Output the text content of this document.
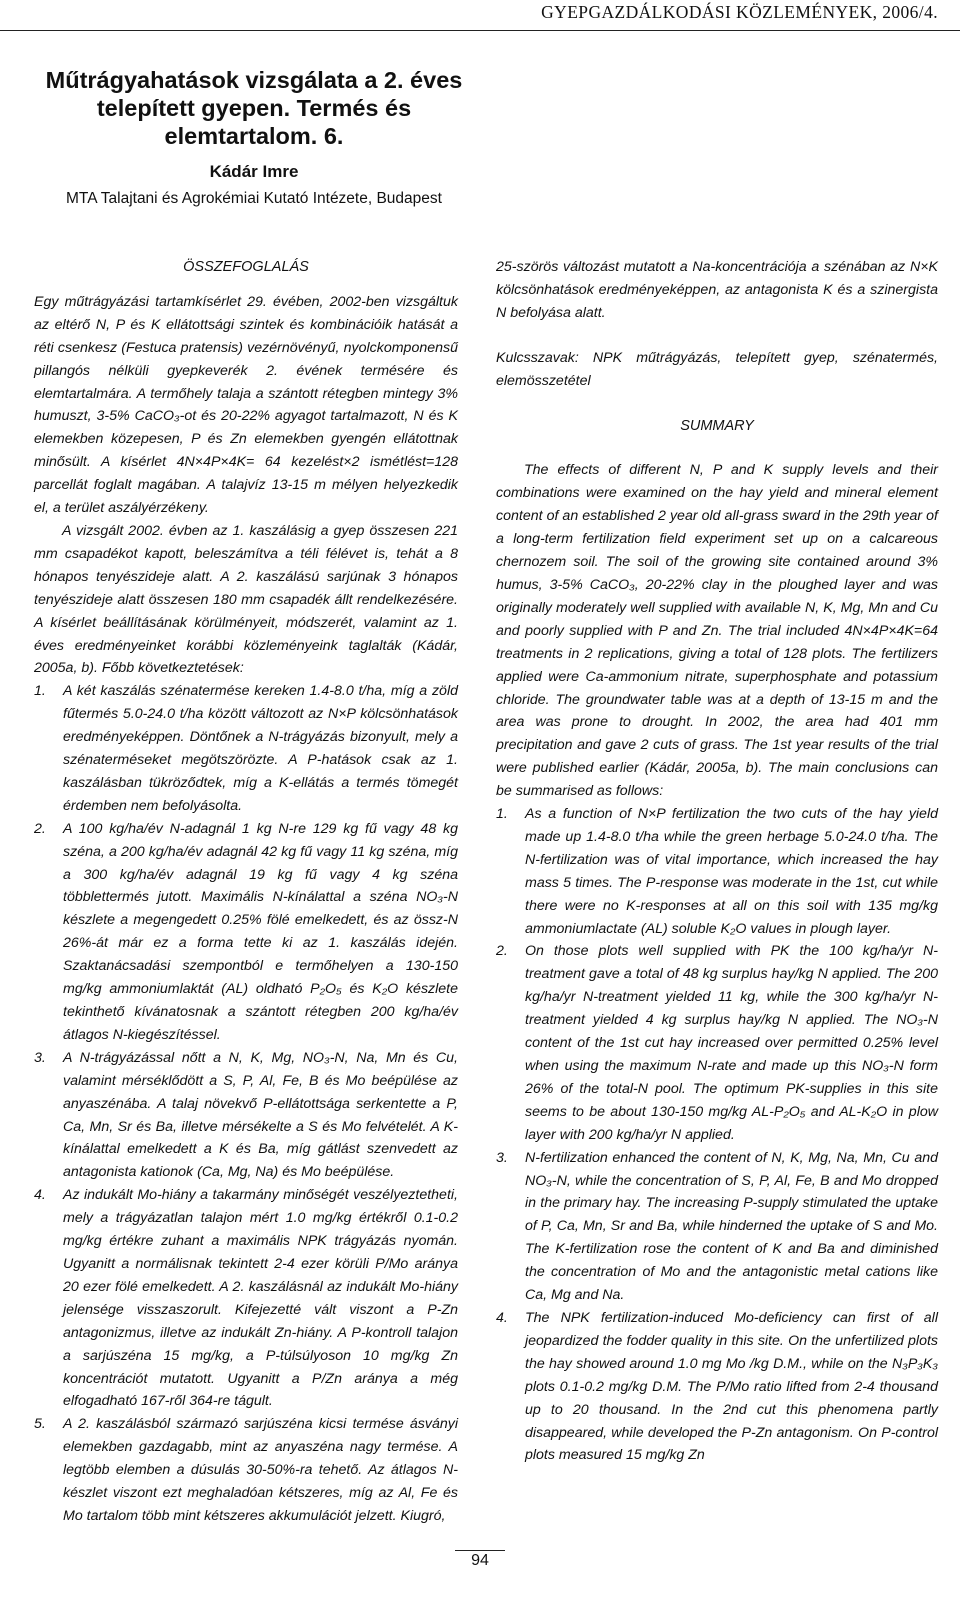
GYEPGAZDÁLKODÁSI KÖZLEMÉNYEK, 2006/4.
Műtrágyahatások vizsgálata a 2. éves telepített gyepen. Termés és elemtartalom. 6.
Kádár Imre
MTA Talajtani és Agrokémiai Kutató Intézete, Budapest

ÖSSZEFOGLALÁS

Egy műtrágyázási tartamkísérlet 29. évében, 2002-ben vizsgáltuk az eltérő N, P és K ellátottsági szintek és kombinációik hatását a réti csenkesz (Festuca pratensis) vezérnövényű, nyolckomponensű pillangós nélküli gyepkeverék 2. évének termésére és elemtartalmára. A termőhely talaja a szántott rétegben mintegy 3% humuszt, 3-5% CaCO₃-ot és 20-22% agyagot tartalmazott, N és K elemekben közepesen, P és Zn elemekben gyengén ellátottnak minősült. A kísérlet 4N×4P×4K= 64 kezelést×2 ismétlést=128 parcellát foglalt magában. A talajvíz 13-15 m mélyen helyezkedik el, a terület aszályérzékeny.

A vizsgált 2002. évben az 1. kaszálásig a gyep összesen 221 mm csapadékot kapott, beleszámítva a téli félévet is, tehát a 8 hónapos tenyészideje alatt. A 2. kaszálású sarjúnak 3 hónapos tenyészideje alatt összesen 180 mm csapadék állt rendelkezésére. A kísérlet beállításának körülményeit, módszerét, valamint az 1. éves eredményeinket korábbi közleményeink taglalták (Kádár, 2005a, b). Főbb következtetések:

1. A két kaszálás szénatermése kereken 1.4-8.0 t/ha, míg a zöld fűtermés 5.0-24.0 t/ha között változott az N×P kölcsönhatások eredményeképpen. Döntőnek a N-trágyázás bizonyult, mely a szénaterméseket megötszörözte. A P-hatások csak az 1. kaszálásban tükröződtek, míg a K-ellátás a termés tömegét érdemben nem befolyásolta.
2. A 100 kg/ha/év N-adagnál 1 kg N-re 129 kg fű vagy 48 kg széna, a 200 kg/ha/év adagnál 42 kg fű vagy 11 kg széna, míg a 300 kg/ha/év adagnál 19 kg fű vagy 4 kg széna többlettermés jutott. Maximális N-kínálattal a széna NO₃-N készlete a megengedett 0.25% fölé emelkedett, és az össz-N 26%-át már ez a forma tette ki az 1. kaszálás idején. Szaktanácsadási szempontból e termőhelyen a 130-150 mg/kg ammoniumlaktát (AL) oldható P₂O₅ és K₂O készlete tekinthető kívánatosnak a szántott rétegben 200 kg/ha/év átlagos N-kiegészítéssel.
3. A N-trágyázással nőtt a N, K, Mg, NO₃-N, Na, Mn és Cu, valamint mérséklődött a S, P, Al, Fe, B és Mo beépülése az anyaszénába. A talaj növekvő P-ellátottsága serkentette a P, Ca, Mn, Sr és Ba, illetve mérsékelte a S és Mo felvételét. A K-kínálattal emelkedett a K és Ba, míg gátlást szenvedett az antagonista kationok (Ca, Mg, Na) és Mo beépülése.
4. Az indukált Mo-hiány a takarmány minőségét veszélyeztetheti, mely a trágyázatlan talajon mért 1.0 mg/kg értékről 0.1-0.2 mg/kg értékre zuhant a maximális NPK trágyázás nyomán. Ugyanitt a normálisnak tekintett 2-4 ezer körüli P/Mo aránya 20 ezer fölé emelkedett. A 2. kaszálásnál az indukált Mo-hiány jelensége visszaszorult. Kifejezetté vált viszont a P-Zn antagonizmus, illetve az indukált Zn-hiány. A P-kontroll talajon a sarjúszéna 15 mg/kg, a P-túlsúlyoson 10 mg/kg Zn koncentrációt mutatott. Ugyanitt a P/Zn aránya a még elfogadható 167-ről 364-re tágult.
5. A 2. kaszálásból származó sarjúszéna kicsi termése ásványi elemekben gazdagabb, mint az anyaszéna nagy termése. A legtöbb elemben a dúsulás 30-50%-ra tehető. Az átlagos N-készlet viszont ezt meghaladóan kétszeres, míg az Al, Fe és Mo tartalom több mint kétszeres akkumulációt jelzett. Kiugró,

25-szörös változást mutatott a Na-koncentrációja a szénában az N×K kölcsönhatások eredményeképpen, az antagonista K és a szinergista N befolyása alatt.

Kulcsszavak: NPK műtrágyázás, telepített gyep, szénatermés, elemösszetétel

SUMMARY

The effects of different N, P and K supply levels and their combinations were examined on the hay yield and mineral element content of an established 2 year old all-grass sward in the 29th year of a long-term fertilization field experiment set up on a calcareous chernozem soil. The soil of the growing site contained around 3% humus, 3-5% CaCO₃, 20-22% clay in the ploughed layer and was originally moderately well supplied with available N, K, Mg, Mn and Cu and poorly supplied with P and Zn. The trial included 4N×4P×4K=64 treatments in 2 replications, giving a total of 128 plots. The fertilizers applied were Ca-ammonium nitrate, superphosphate and potassium chloride. The groundwater table was at a depth of 13-15 m and the area was prone to drought. In 2002, the area had 401 mm precipitation and gave 2 cuts of grass. The 1st year results of the trial were published earlier (Kádár, 2005a, b). The main conclusions can be summarised as follows:

1. As a function of N×P fertilization the two cuts of the hay yield made up 1.4-8.0 t/ha while the green herbage 5.0-24.0 t/ha. The N-fertilization was of vital importance, which increased the hay mass 5 times. The P-response was moderate in the 1st, cut while there were no K-responses at all on this soil with 135 mg/kg ammoniumlactate (AL) soluble K₂O values in plough layer.
2. On those plots well supplied with PK the 100 kg/ha/yr N-treatment gave a total of 48 kg surplus hay/kg N applied. The 200 kg/ha/yr N-treatment yielded 11 kg, while the 300 kg/ha/yr N-treatment yielded 4 kg surplus hay/kg N applied. The NO₃-N content of the 1st cut hay increased over permitted 0.25% level when using the maximum N-rate and made up this NO₃-N form 26% of the total-N pool. The optimum PK-supplies in this site seems to be about 130-150 mg/kg AL-P₂O₅ and AL-K₂O in plow layer with 200 kg/ha/yr N applied.
3. N-fertilization enhanced the content of N, K, Mg, Na, Mn, Cu and NO₃-N, while the concentration of S, P, Al, Fe, B and Mo dropped in the primary hay. The increasing P-supply stimulated the uptake of P, Ca, Mn, Sr and Ba, while hinderned the uptake of S and Mo. The K-fertilization rose the content of K and Ba and diminished the concentration of Mo and the antagonistic metal cations like Ca, Mg and Na.
4. The NPK fertilization-induced Mo-deficiency can first of all jeopardized the fodder quality in this site. On the unfertilized plots the hay showed around 1.0 mg Mo /kg D.M., while on the N₃P₃K₃ plots 0.1-0.2 mg/kg D.M. The P/Mo ratio lifted from 2-4 thousand up to 20 thousand. In the 2nd cut this phenomena partly disappeared, while developed the P-Zn antagonism. On P-control plots measured 15 mg/kg Zn
94
